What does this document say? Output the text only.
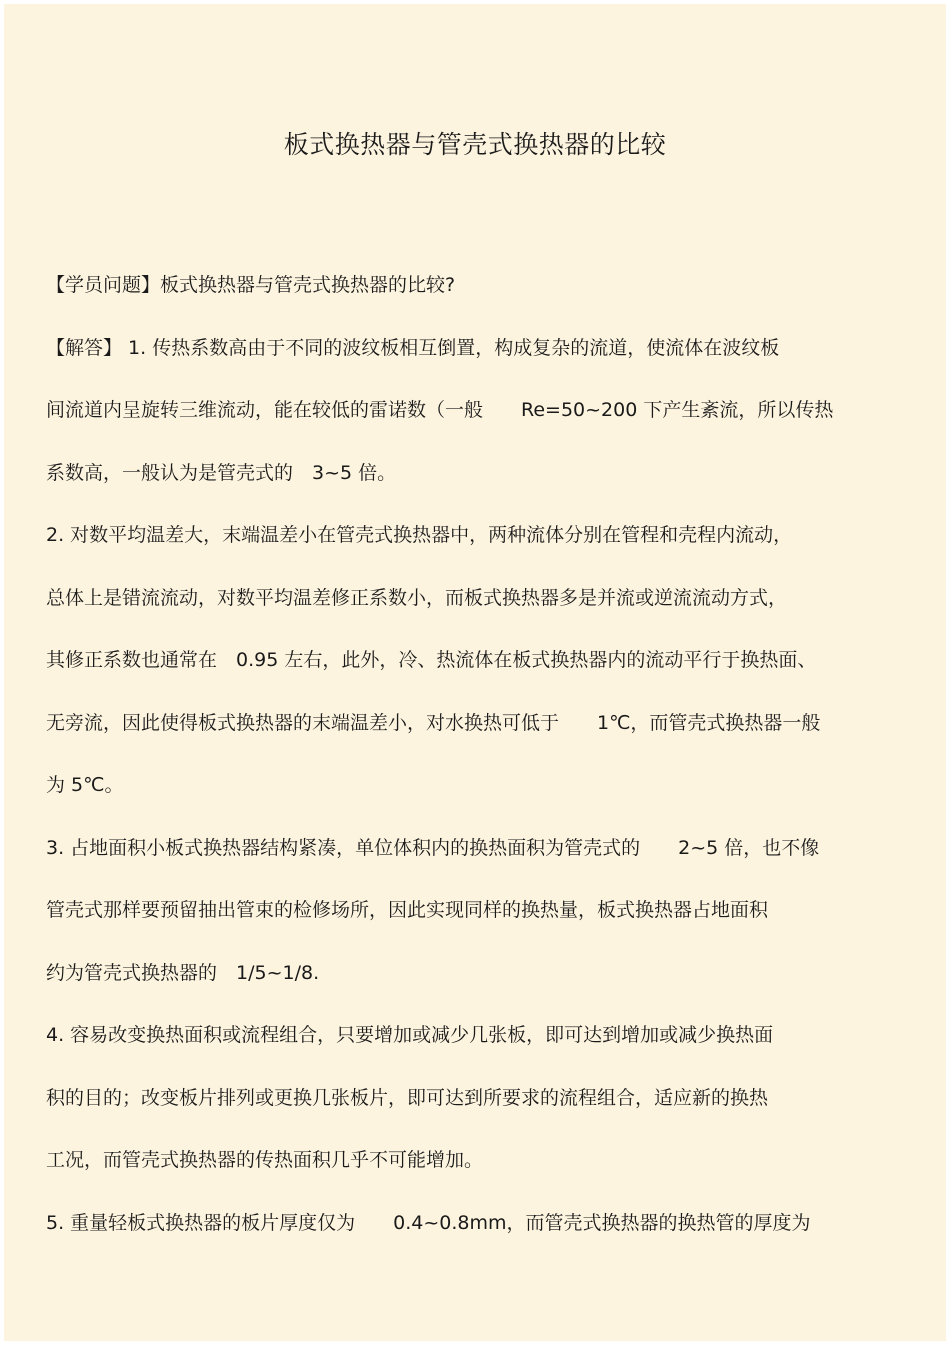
板式换热器与管壳式换热器的比较

【学员问题】板式换热器与管壳式换热器的比较?

【解答】 1. 传热系数高由于不同的波纹板相互倒置，构成复杂的流道，使流体在波纹板

间流道内呈旋转三维流动，能在较低的雷诺数（一般　　Re=50~200 下产生紊流，所以传热

系数高，一般认为是管壳式的　3~5 倍。

2. 对数平均温差大，末端温差小在管壳式换热器中，两种流体分别在管程和壳程内流动，

总体上是错流流动，对数平均温差修正系数小，而板式换热器多是并流或逆流流动方式，

其修正系数也通常在　0.95 左右，此外，冷、热流体在板式换热器内的流动平行于换热面、

无旁流，因此使得板式换热器的末端温差小，对水换热可低于　　1℃，而管壳式换热器一般

为 5℃。

3. 占地面积小板式换热器结构紧凑，单位体积内的换热面积为管壳式的　　2~5 倍，也不像

管壳式那样要预留抽出管束的检修场所，因此实现同样的换热量，板式换热器占地面积

约为管壳式换热器的　1/5~1/8.

4. 容易改变换热面积或流程组合，只要增加或减少几张板，即可达到增加或减少换热面

积的目的；改变板片排列或更换几张板片，即可达到所要求的流程组合，适应新的换热

工况，而管壳式换热器的传热面积几乎不可能增加。

5. 重量轻板式换热器的板片厚度仅为　　0.4~0.8mm，而管壳式换热器的换热管的厚度为
